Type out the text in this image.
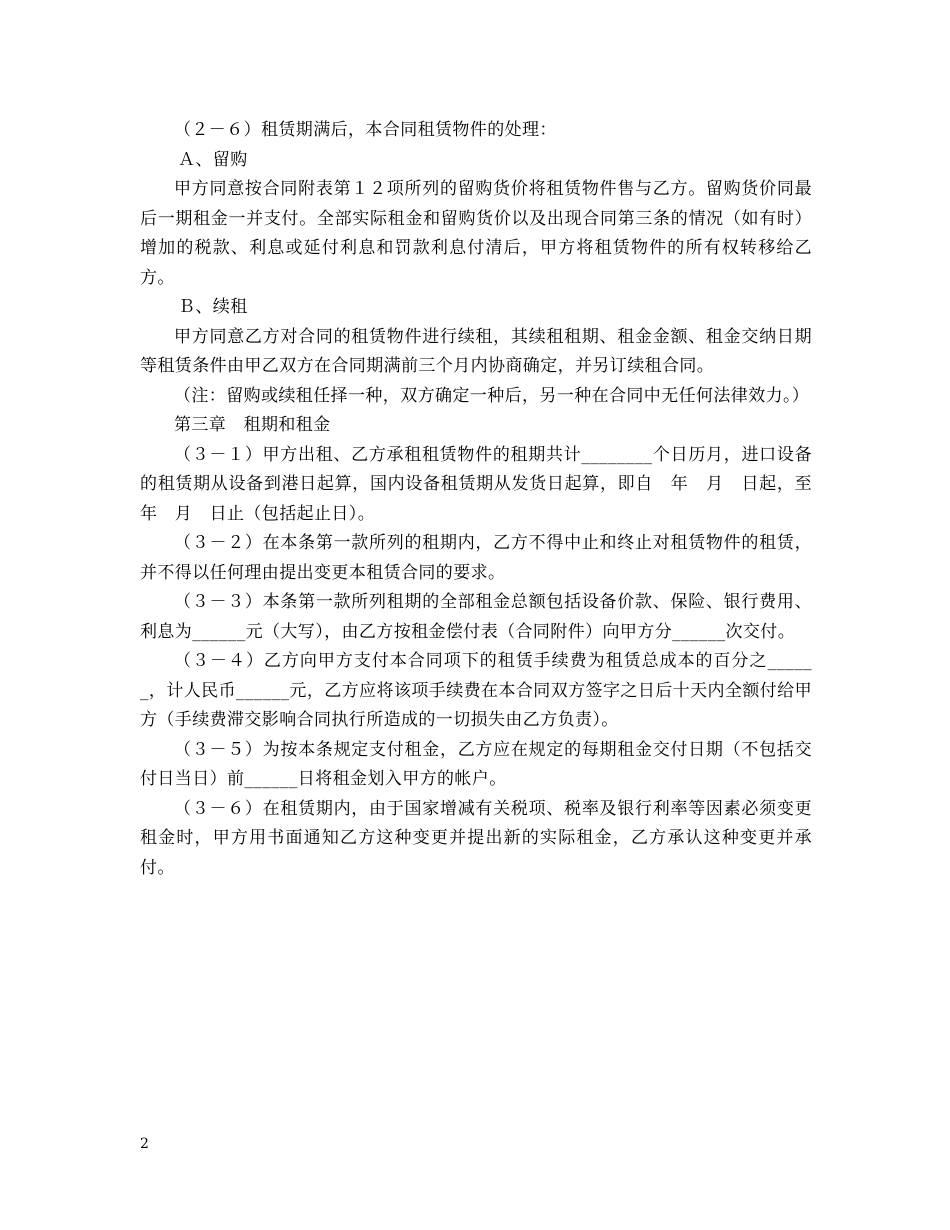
（２－６）租赁期满后，本合同租赁物件的处理：

Ａ、留购

甲方同意按合同附表第１２项所列的留购货价将租赁物件售与乙方。留购货价同最后一期租金一并支付。全部实际租金和留购货价以及出现合同第三条的情况（如有时）增加的税款、利息或延付利息和罚款利息付清后，甲方将租赁物件的所有权转移给乙方。

Ｂ、续租

甲方同意乙方对合同的租赁物件进行续租，其续租租期、租金金额、租金交纳日期等租赁条件由甲乙双方在合同期满前三个月内协商确定，并另订续租合同。

（注：留购或续租任择一种，双方确定一种后，另一种在合同中无任何法律效力。）

第三章　租期和租金

（３－１）甲方出租、乙方承租租赁物件的租期共计________个日历月，进口设备的租赁期从设备到港日起算，国内设备租赁期从发货日起算，即自　年　月　日起，至　年　月　日止（包括起止日）。

（３－２）在本条第一款所列的租期内，乙方不得中止和终止对租赁物件的租赁，并不得以任何理由提出变更本租赁合同的要求。

（３－３）本条第一款所列租期的全部租金总额包括设备价款、保险、银行费用、利息为______元（大写），由乙方按租金偿付表（合同附件）向甲方分______次交付。

（３－４）乙方向甲方支付本合同项下的租赁手续费为租赁总成本的百分之______，计人民币______元，乙方应将该项手续费在本合同双方签字之日后十天内全额付给甲方（手续费滞交影响合同执行所造成的一切损失由乙方负责）。

（３－５）为按本条规定支付租金，乙方应在规定的每期租金交付日期（不包括交付日当日）前______日将租金划入甲方的帐户。

（３－６）在租赁期内，由于国家增减有关税项、税率及银行利率等因素必须变更租金时，甲方用书面通知乙方这种变更并提出新的实际租金，乙方承认这种变更并承付。

2
